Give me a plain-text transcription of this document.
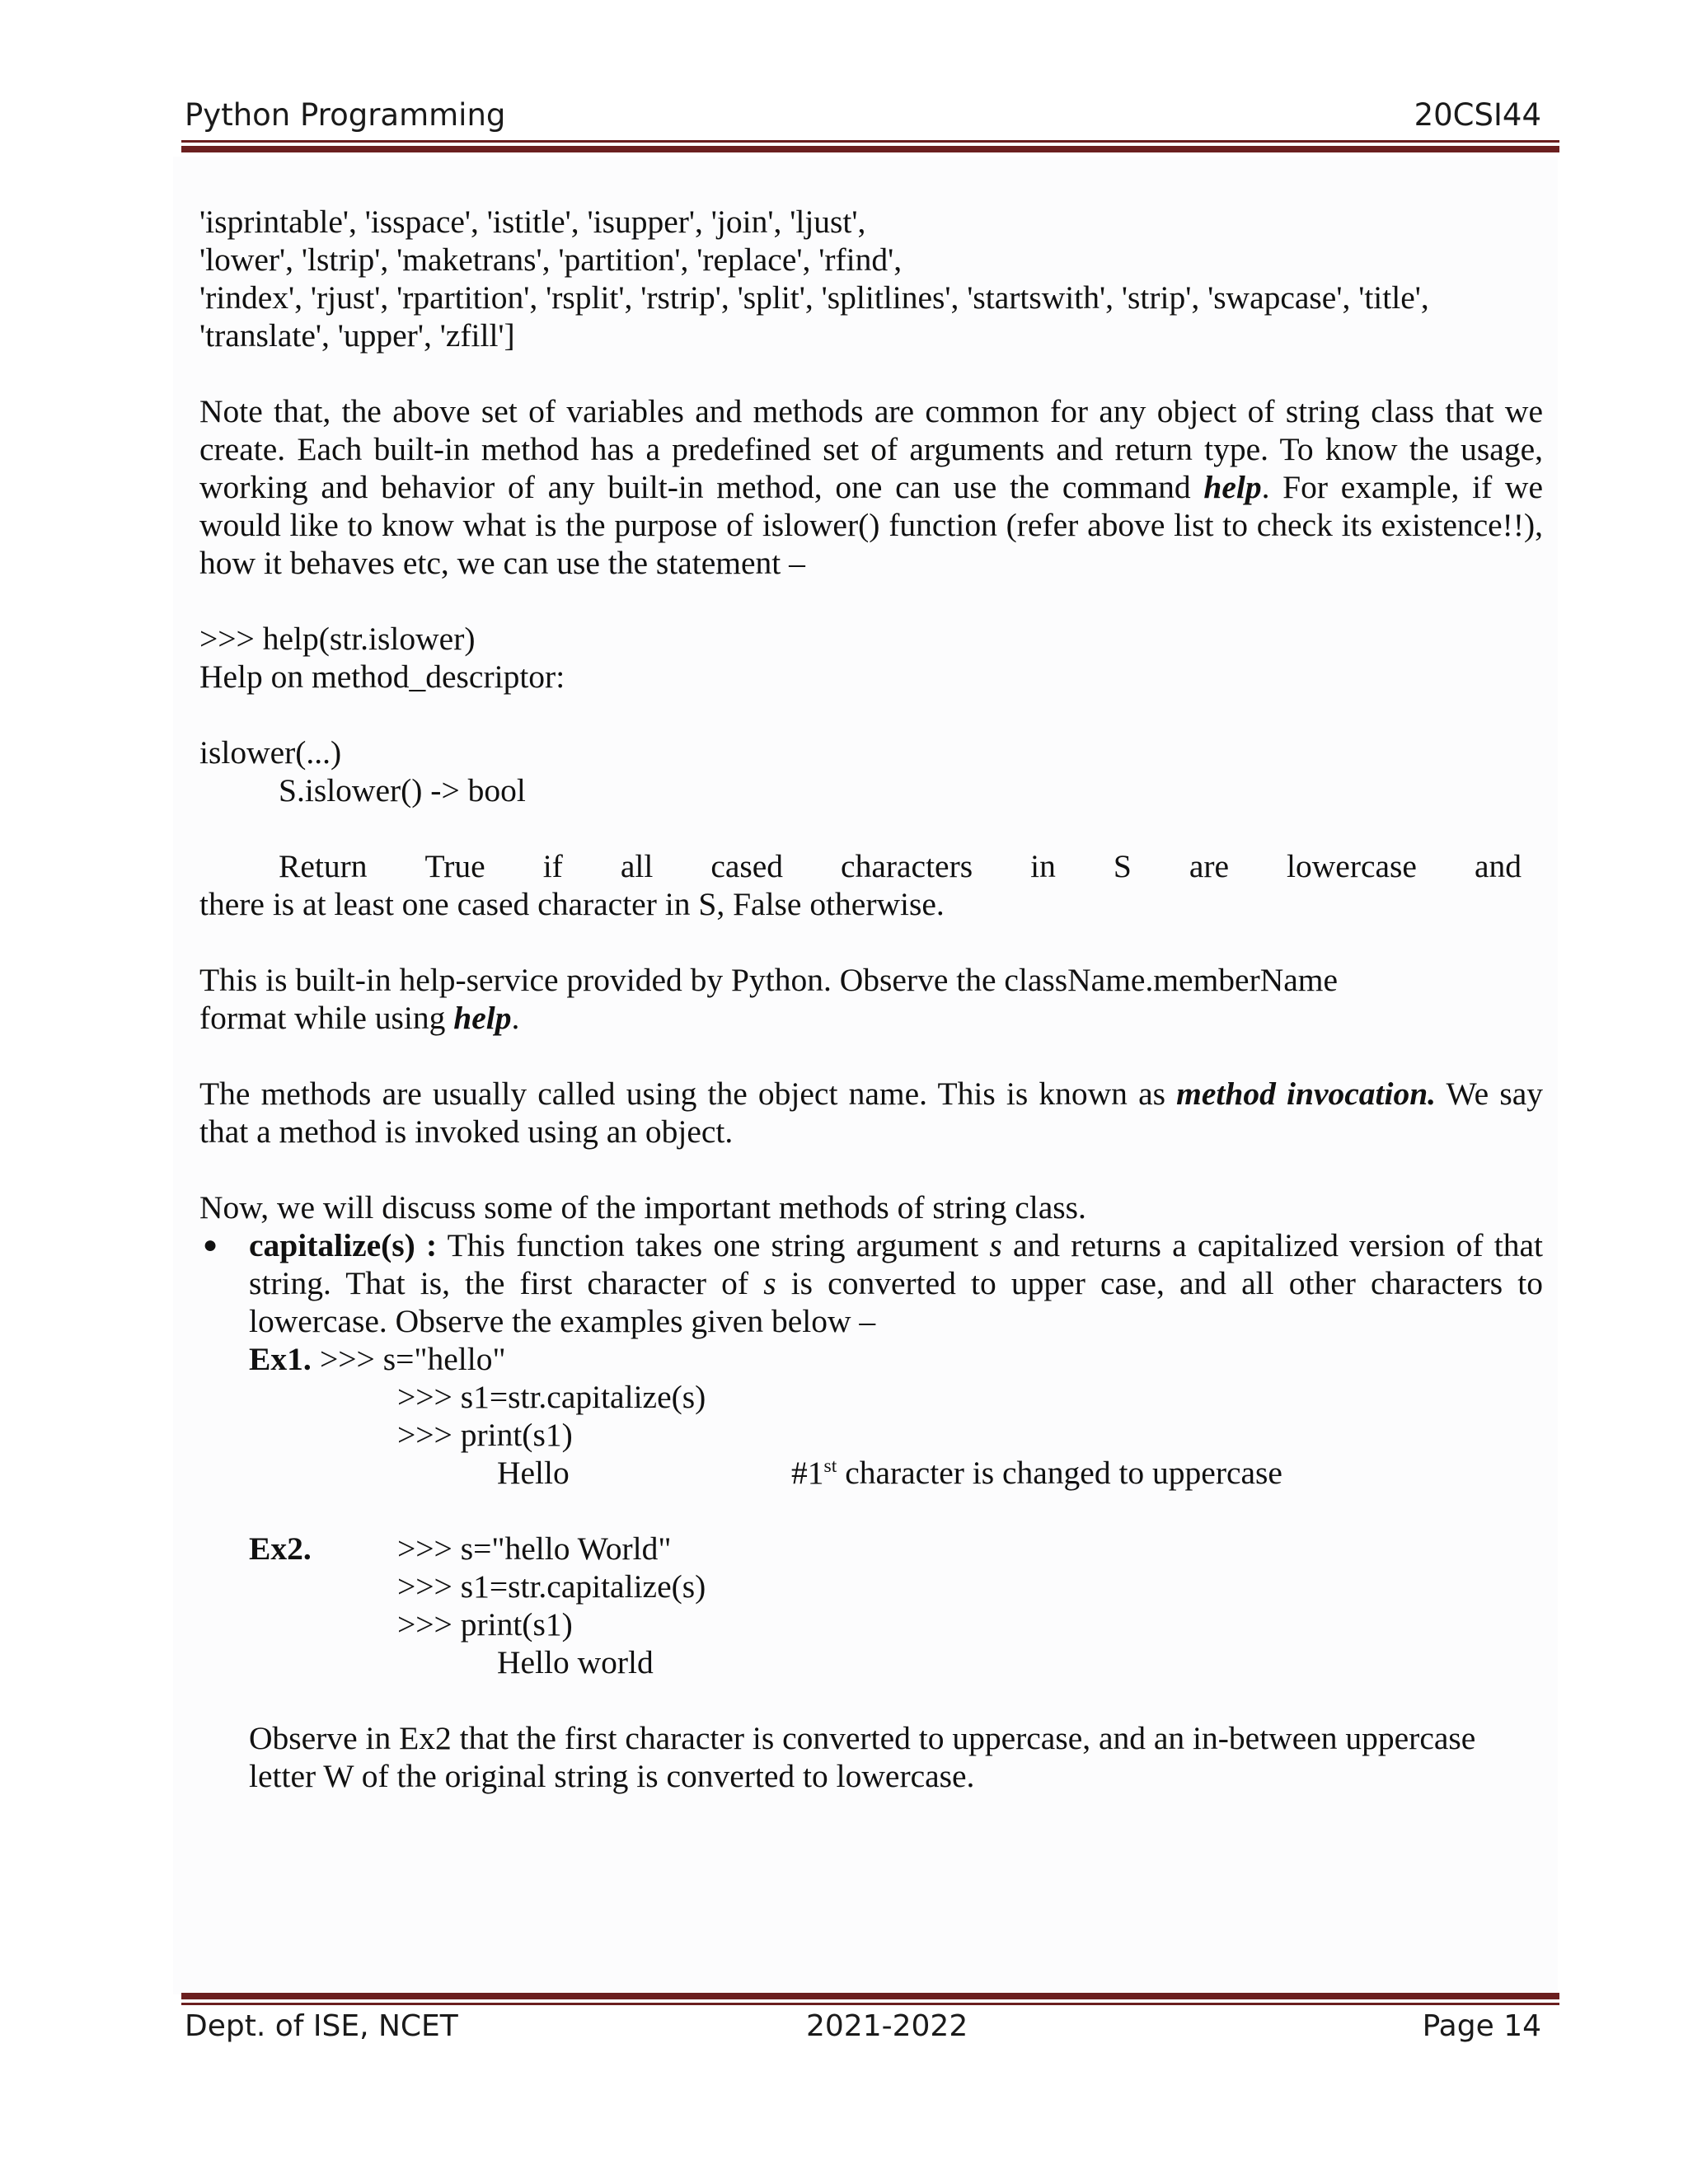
Python Programming	20CSI44

'isprintable', 'isspace', 'istitle', 'isupper', 'join', 'ljust',

'lower', 'lstrip', 'maketrans', 'partition', 'replace', 'rfind',

'rindex', 'rjust', 'rpartition', 'rsplit', 'rstrip', 'split', 'splitlines', 'startswith', 'strip', 'swapcase', 'title',

'translate', 'upper', 'zfill']

Note that, the above set of variables and methods are common for any object of string class that we create. Each built-in method has a predefined set of arguments and return type. To know the usage, working and behavior of any built-in method, one can use the command help. For example, if we would like to know what is the purpose of islower() function (refer above list to check its existence!!), how it behaves etc, we can use the statement –

>>> help(str.islower)

Help on method_descriptor:

islower(...)

S.islower() -> bool

Return True if all cased characters in S are lowercase and

there is at least one cased character in S, False otherwise.

This is built-in help-service provided by Python. Observe the className.memberName

format while using help.

The methods are usually called using the object name. This is known as method invocation. We say that a method is invoked using an object.

Now, we will discuss some of the important methods of string class.

● capitalize(s) : This function takes one string argument s and returns a capitalized version of that string. That is, the first character of s is converted to upper case, and all other characters to lowercase. Observe the examples given below –

Ex1. >>> s="hello"
>>> s1=str.capitalize(s)
>>> print(s1)
Hello	#1st character is changed to uppercase
Ex2.	>>> s="hello World"
>>> s1=str.capitalize(s)
>>> print(s1)
Hello world

Observe in Ex2 that the first character is converted to uppercase, and an in-between uppercase letter W of the original string is converted to lowercase.

Dept. of ISE, NCET	2021-2022	Page 14
